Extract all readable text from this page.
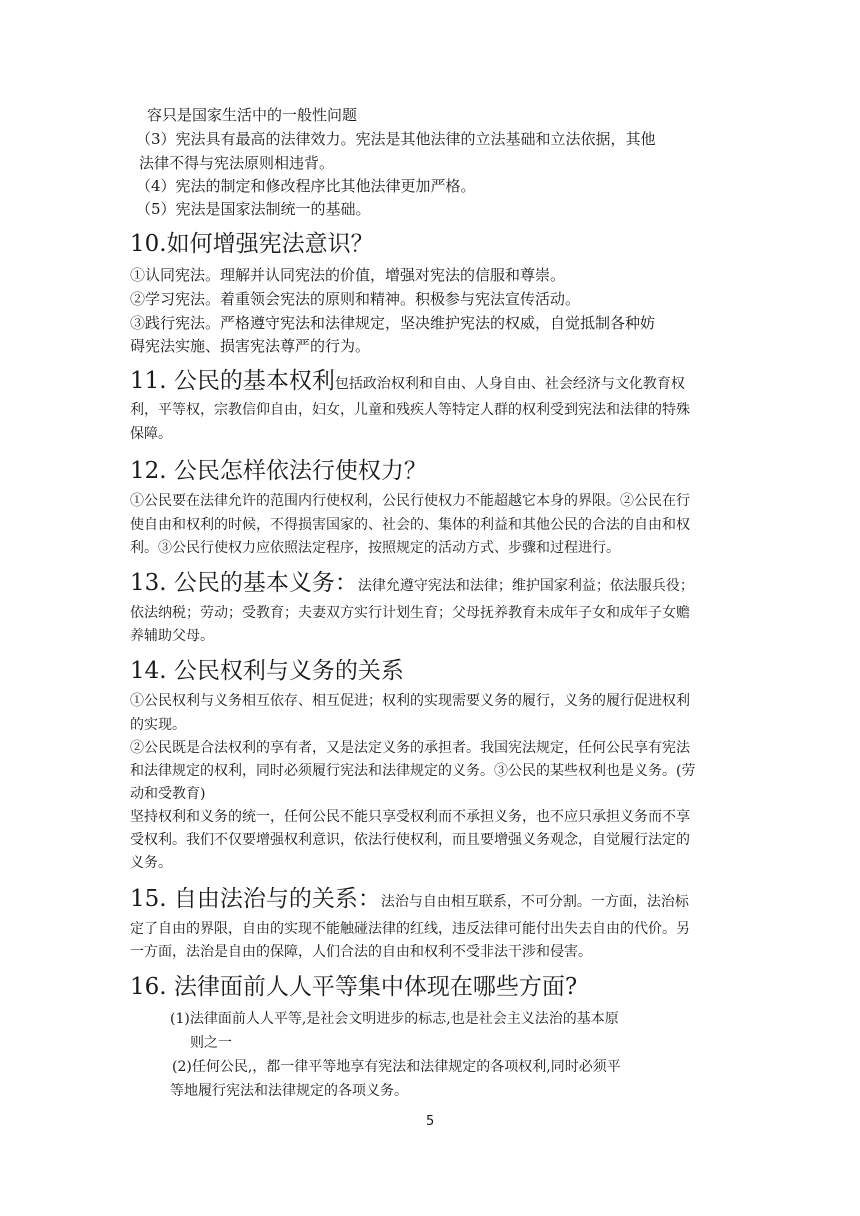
容只是国家生活中的一般性问题
（3）宪法具有最高的法律效力。宪法是其他法律的立法基础和立法依据，其他
法律不得与宪法原则相违背。
（4）宪法的制定和修改程序比其他法律更加严格。
（5）宪法是国家法制统一的基础。
10.如何增强宪法意识？
①认同宪法。理解并认同宪法的价值，增强对宪法的信服和尊崇。
②学习宪法。着重领会宪法的原则和精神。积极参与宪法宣传活动。
③践行宪法。严格遵守宪法和法律规定，坚决维护宪法的权威，自觉抵制各种妨
碍宪法实施、损害宪法尊严的行为。
11. 公民的基本权利包括政治权利和自由、人身自由、社会经济与文化教育权
利，平等权，宗教信仰自由，妇女，儿童和残疾人等特定人群的权利受到宪法和法律的特殊
保障。
12. 公民怎样依法行使权力？
①公民要在法律允许的范围内行使权利，公民行使权力不能超越它本身的界限。②公民在行
使自由和权利的时候，不得损害国家的、社会的、集体的利益和其他公民的合法的自由和权
利。③公民行使权力应依照法定程序，按照规定的活动方式、步骤和过程进行。
13. 公民的基本义务：法律允遵守宪法和法律；维护国家利益；依法服兵役；
依法纳税；劳动；受教育；夫妻双方实行计划生育；父母抚养教育未成年子女和成年子女赡
养辅助父母。
14. 公民权利与义务的关系
①公民权利与义务相互依存、相互促进；权利的实现需要义务的履行，义务的履行促进权利
的实现。
②公民既是合法权利的享有者，又是法定义务的承担者。我国宪法规定，任何公民享有宪法
和法律规定的权利，同时必须履行宪法和法律规定的义务。③公民的某些权利也是义务。(劳
动和受教育)
坚持权利和义务的统一，任何公民不能只享受权利而不承担义务，也不应只承担义务而不享
受权利。我们不仅要增强权利意识，依法行使权利，而且要增强义务观念，自觉履行法定的
义务。
15. 自由法治与的关系：法治与自由相互联系，不可分割。一方面，法治标
定了自由的界限，自由的实现不能触碰法律的红线，违反法律可能付出失去自由的代价。另
一方面，法治是自由的保障，人们合法的自由和权利不受非法干涉和侵害。
16. 法律面前人人平等集中体现在哪些方面?
(1)法律面前人人平等,是社会文明进步的标志,也是社会主义法治的基本原
则之一
(2)任何公民,，都一律平等地享有宪法和法律规定的各项权利,同时必须平
等地履行宪法和法律规定的各项义务。
5
